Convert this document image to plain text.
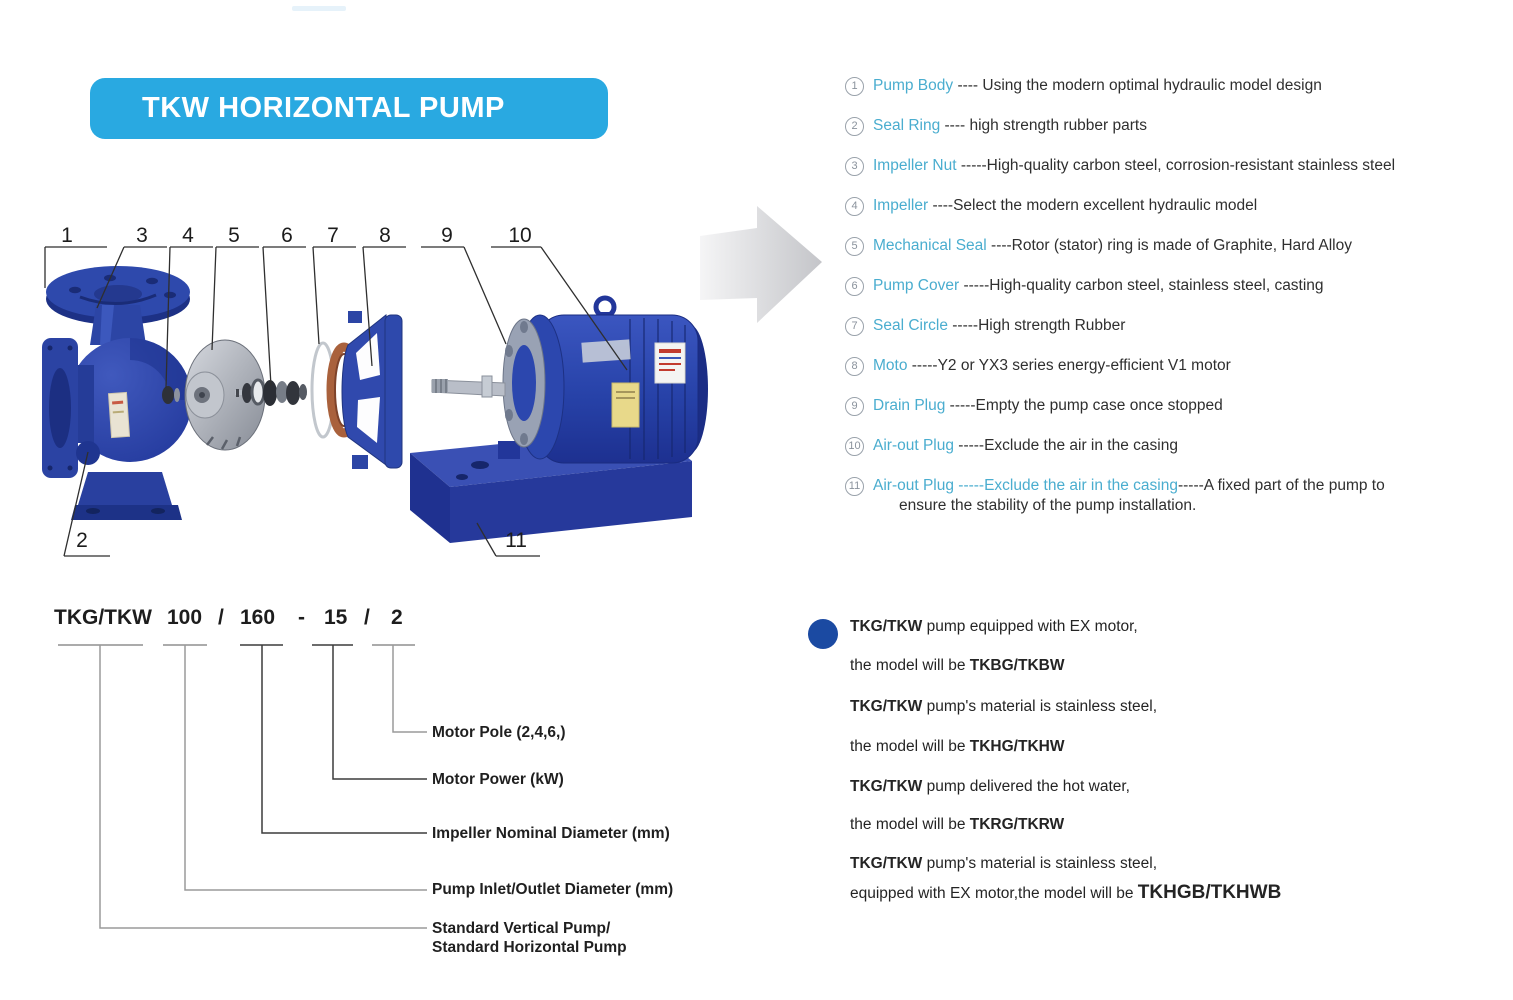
TKW HORIZONTAL PUMP
1	3 4 5 6 7 8 9	10
2	11
1 Pump Body ---- Using the modern optimal hydraulic model design
2 Seal Ring ---- high strength rubber parts
3 Impeller Nut -----High-quality carbon steel, corrosion-resistant stainless steel
4 Impeller ----Select the modern excellent hydraulic model
5 Mechanical Seal ----Rotor (stator) ring is made of Graphite, Hard Alloy
6 Pump Cover -----High-quality carbon steel, stainless steel, casting
7 Seal Circle -----High strength Rubber
8 Moto -----Y2 or YX3 series energy-efficient V1 motor
9 Drain Plug -----Empty the pump case once stopped
10 Air-out Plug -----Exclude the air in the casing
11 Air-out Plug -----Exclude the air in the casing-----A fixed part of the pump to
ensure the stability of the pump installation.
TKG/TKW 100 / 160 - 15 / 2
Motor Pole (2,4,6,)
Motor Power (kW)
Impeller Nominal Diameter (mm)
Pump Inlet/Outlet Diameter (mm)
Standard Vertical Pump/
Standard Horizontal Pump
TKG/TKW pump equipped with EX motor,
the model will be TKBG/TKBW
TKG/TKW pump's material is stainless steel,
the model will be TKHG/TKHW
TKG/TKW pump delivered the hot water,
the model will be TKRG/TKRW
TKG/TKW pump's material is stainless steel,
equipped with EX motor,the model will be TKHGB/TKHWB
